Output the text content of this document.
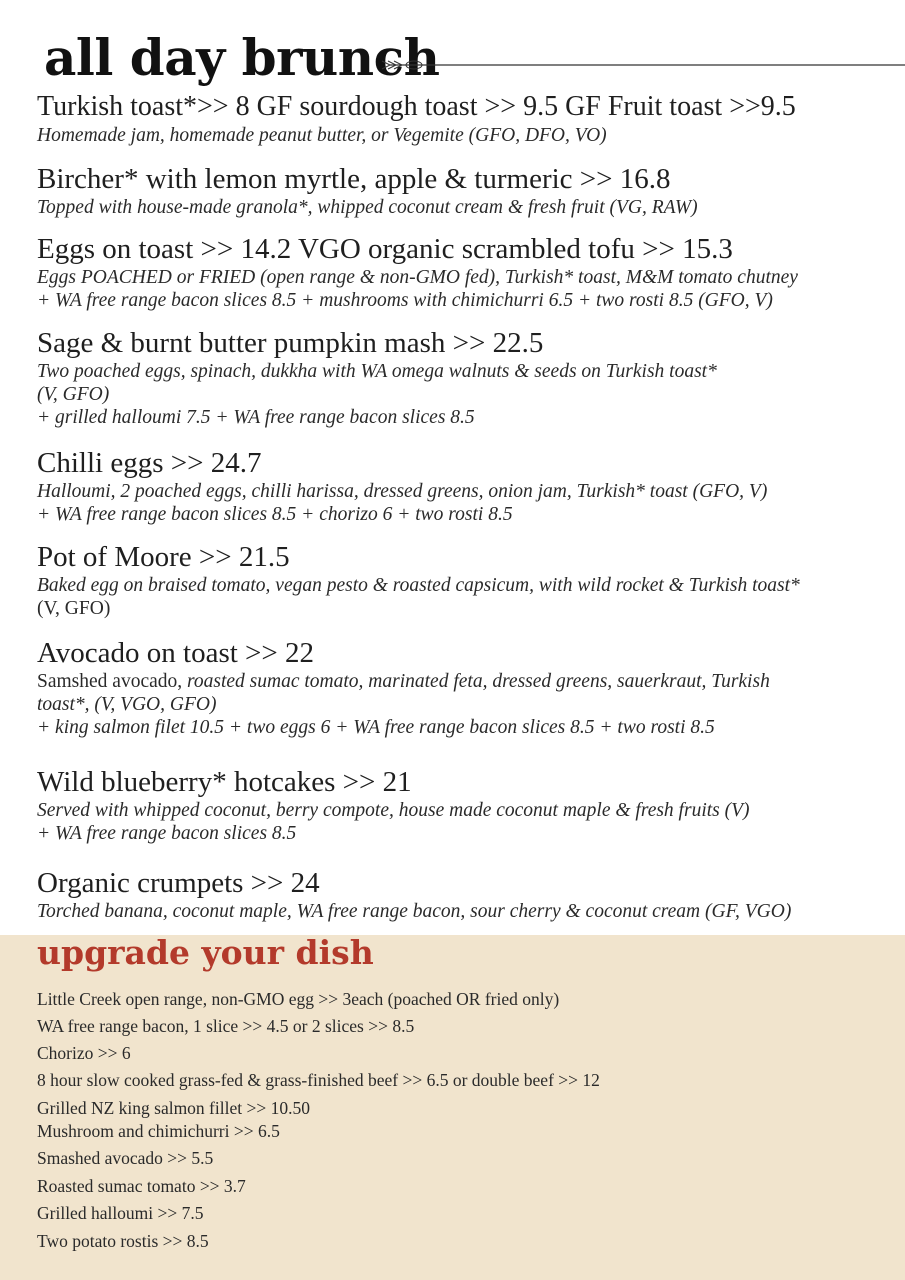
all day brunch
Turkish toast*>> 8 GF sourdough toast >> 9.5 GF Fruit toast >>9.5
Homemade jam, homemade peanut butter, or Vegemite (GFO, DFO, VO)
Bircher* with lemon myrtle, apple & turmeric >> 16.8
Topped with house-made granola*, whipped coconut cream & fresh fruit (VG, RAW)
Eggs on toast >> 14.2 VGO organic scrambled tofu >> 15.3
Eggs POACHED or FRIED (open range & non-GMO fed), Turkish* toast, M&M tomato chutney
+ WA free range bacon slices 8.5 + mushrooms with chimichurri 6.5 + two rosti 8.5 (GFO, V)
Sage & burnt butter pumpkin mash >> 22.5
Two poached eggs, spinach, dukkha with WA omega walnuts & seeds on Turkish toast*
(V, GFO)
+ grilled halloumi 7.5 + WA free range bacon slices 8.5
Chilli eggs >> 24.7
Halloumi, 2 poached eggs, chilli harissa, dressed greens, onion jam, Turkish* toast (GFO, V)
+ WA free range bacon slices 8.5 + chorizo 6 + two rosti 8.5
Pot of Moore >> 21.5
Baked egg on braised tomato, vegan pesto & roasted capsicum, with wild rocket & Turkish toast*
(V, GFO)
Avocado on toast >> 22
Samshed avocado, roasted sumac tomato, marinated feta, dressed greens, sauerkraut, Turkish
toast*, (V, VGO, GFO)
+ king salmon filet 10.5 + two eggs 6 + WA free range bacon slices 8.5 + two rosti 8.5
Wild blueberry* hotcakes >> 21
Served with whipped coconut, berry compote, house made coconut maple & fresh fruits (V)
+ WA free range bacon slices 8.5
Organic crumpets >> 24
Torched banana, coconut maple, WA free range bacon, sour cherry & coconut cream (GF, VGO)
upgrade your dish
Little Creek open range, non-GMO egg >> 3each (poached OR fried only)
WA free range bacon, 1 slice >> 4.5 or 2 slices >> 8.5
Chorizo >> 6
8 hour slow cooked grass-fed & grass-finished beef >> 6.5 or double beef >> 12
Grilled NZ king salmon fillet >> 10.50
Mushroom and chimichurri >> 6.5
Smashed avocado >> 5.5
Roasted sumac tomato >> 3.7
Grilled halloumi >> 7.5
Two potato rostis >> 8.5
